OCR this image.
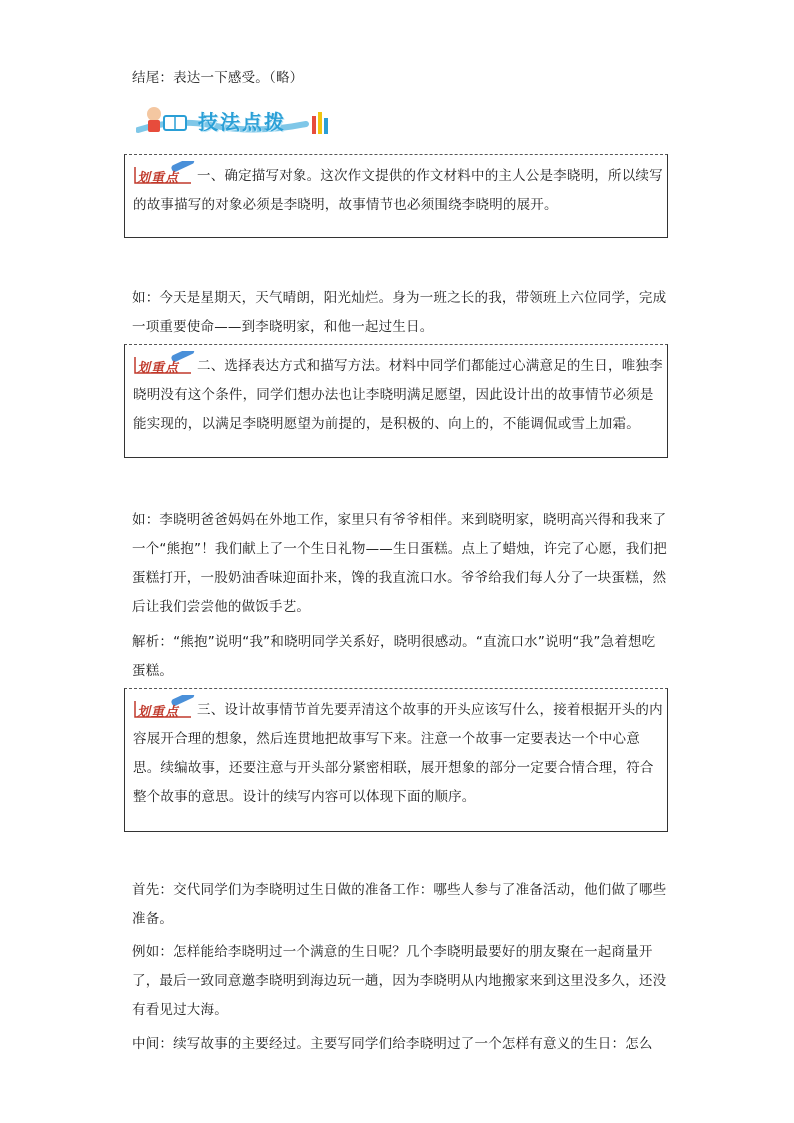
结尾：表达一下感受。（略）

技法点拨

划重点 一、确定描写对象。这次作文提供的作文材料中的主人公是李晓明，所以续写的故事描写的对象必须是李晓明，故事情节也必须围绕李晓明的展开。

如：今天是星期天，天气晴朗，阳光灿烂。身为一班之长的我，带领班上六位同学，完成一项重要使命——到李晓明家，和他一起过生日。

划重点 二、选择表达方式和描写方法。材料中同学们都能过心满意足的生日，唯独李晓明没有这个条件，同学们想办法也让李晓明满足愿望，因此设计出的故事情节必须是能实现的，以满足李晓明愿望为前提的，是积极的、向上的，不能调侃或雪上加霜。

如：李晓明爸爸妈妈在外地工作，家里只有爷爷相伴。来到晓明家，晓明高兴得和我来了一个“熊抱”！我们献上了一个生日礼物——生日蛋糕。点上了蜡烛，许完了心愿，我们把蛋糕打开，一股奶油香味迎面扑来，馋的我直流口水。爷爷给我们每人分了一块蛋糕，然后让我们尝尝他的做饭手艺。

解析：“熊抱”说明“我”和晓明同学关系好，晓明很感动。“直流口水”说明“我”急着想吃蛋糕。

划重点 三、设计故事情节首先要弄清这个故事的开头应该写什么，接着根据开头的内容展开合理的想象，然后连贯地把故事写下来。注意一个故事一定要表达一个中心意思。续编故事，还要注意与开头部分紧密相联，展开想象的部分一定要合情合理，符合整个故事的意思。设计的续写内容可以体现下面的顺序。

首先：交代同学们为李晓明过生日做的准备工作：哪些人参与了准备活动，他们做了哪些准备。

例如：怎样能给李晓明过一个满意的生日呢？几个李晓明最要好的朋友聚在一起商量开了，最后一致同意邀李晓明到海边玩一趟，因为李晓明从内地搬家来到这里没多久，还没有看见过大海。

中间：续写故事的主要经过。主要写同学们给李晓明过了一个怎样有意义的生日：怎么
